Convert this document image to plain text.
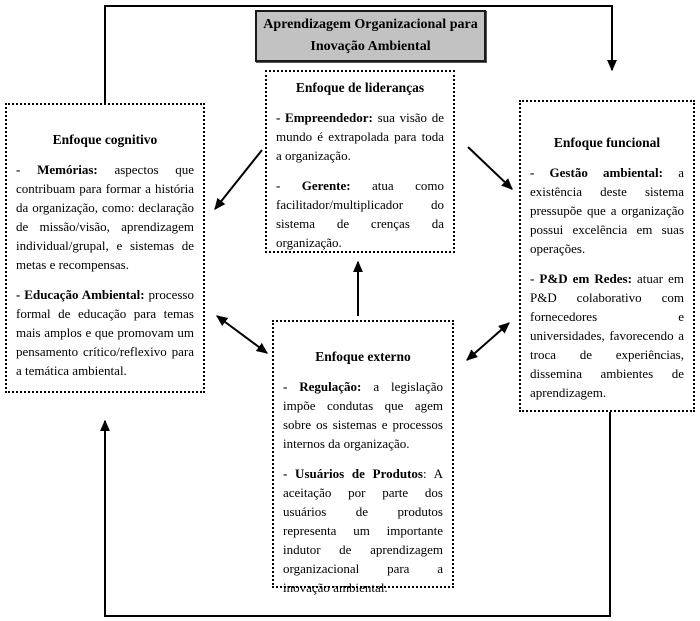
Aprendizagem Organizacional para Inovação Ambiental
Enfoque de lideranças

- Empreendedor: sua visão de mundo é extrapolada para toda a organização.

- Gerente: atua como facilitador/multiplicador do sistema de crenças da organização.

Enfoque cognitivo

- Memórias: aspectos que contribuam para formar a história da organização, como: declaração de missão/visão, aprendizagem individual/grupal, e sistemas de metas e recompensas.

- Educação Ambiental: processo formal de educação para temas mais amplos e que promovam um pensamento crítico/reflexivo para a temática ambiental.

Enfoque funcional

- Gestão ambiental: a existência deste sistema pressupõe que a organização possui excelência em suas operações.

- P&D em Redes: atuar em P&D colaborativo com fornecedores e universidades, favorecendo a troca de experiências, dissemina ambientes de aprendizagem.

Enfoque externo

- Regulação: a legislação impõe condutas que agem sobre os sistemas e processos internos da organização.

- Usuários de Produtos: A aceitação por parte dos usuários de produtos representa um importante indutor de aprendizagem organizacional para a inovação ambiental.
